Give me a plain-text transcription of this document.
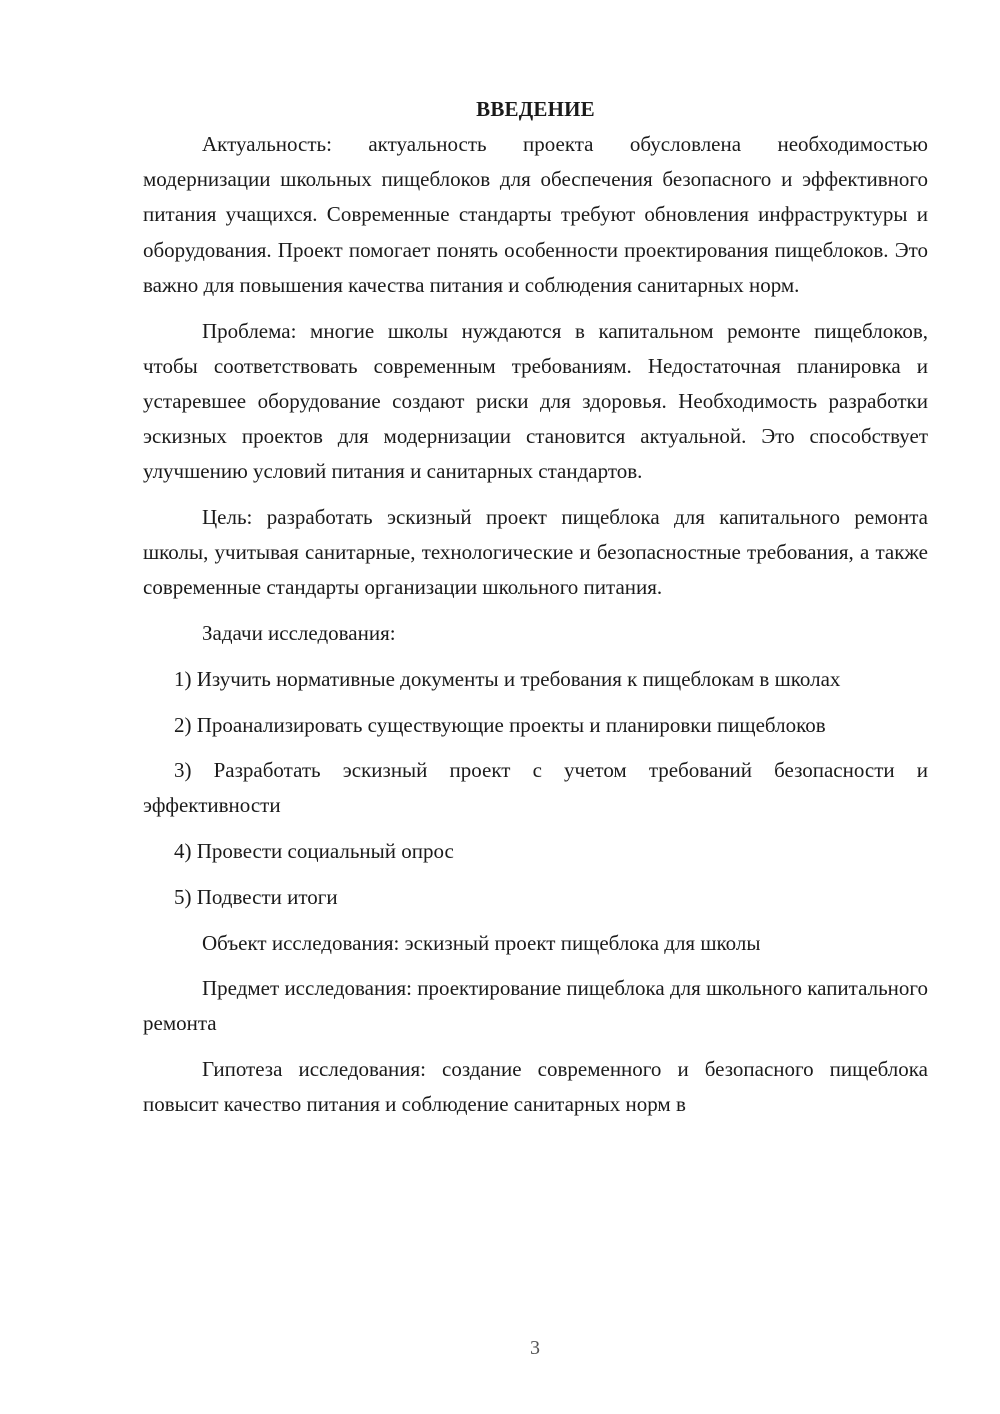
ВВЕДЕНИЕ

Актуальность: актуальность проекта обусловлена необходимостью модернизации школьных пищеблоков для обеспечения безопасного и эффективного питания учащихся. Современные стандарты требуют обновления инфраструктуры и оборудования. Проект помогает понять особенности проектирования пищеблоков. Это важно для повышения качества питания и соблюдения санитарных норм.

Проблема: многие школы нуждаются в капитальном ремонте пищеблоков, чтобы соответствовать современным требованиям. Недостаточная планировка и устаревшее оборудование создают риски для здоровья. Необходимость разработки эскизных проектов для модернизации становится актуальной. Это способствует улучшению условий питания и санитарных стандартов.

Цель: разработать эскизный проект пищеблока для капитального ремонта школы, учитывая санитарные, технологические и безопасностные требования, а также современные стандарты организации школьного питания.

Задачи исследования:

1) Изучить нормативные документы и требования к пищеблокам в школах

2) Проанализировать существующие проекты и планировки пищеблоков

3) Разработать эскизный проект с учетом требований безопасности и эффективности

4) Провести социальный опрос

5) Подвести итоги

Объект исследования: эскизный проект пищеблока для школы

Предмет исследования: проектирование пищеблока для школьного капитального ремонта

Гипотеза исследования: создание современного и безопасного пищеблока повысит качество питания и соблюдение санитарных норм в

3
